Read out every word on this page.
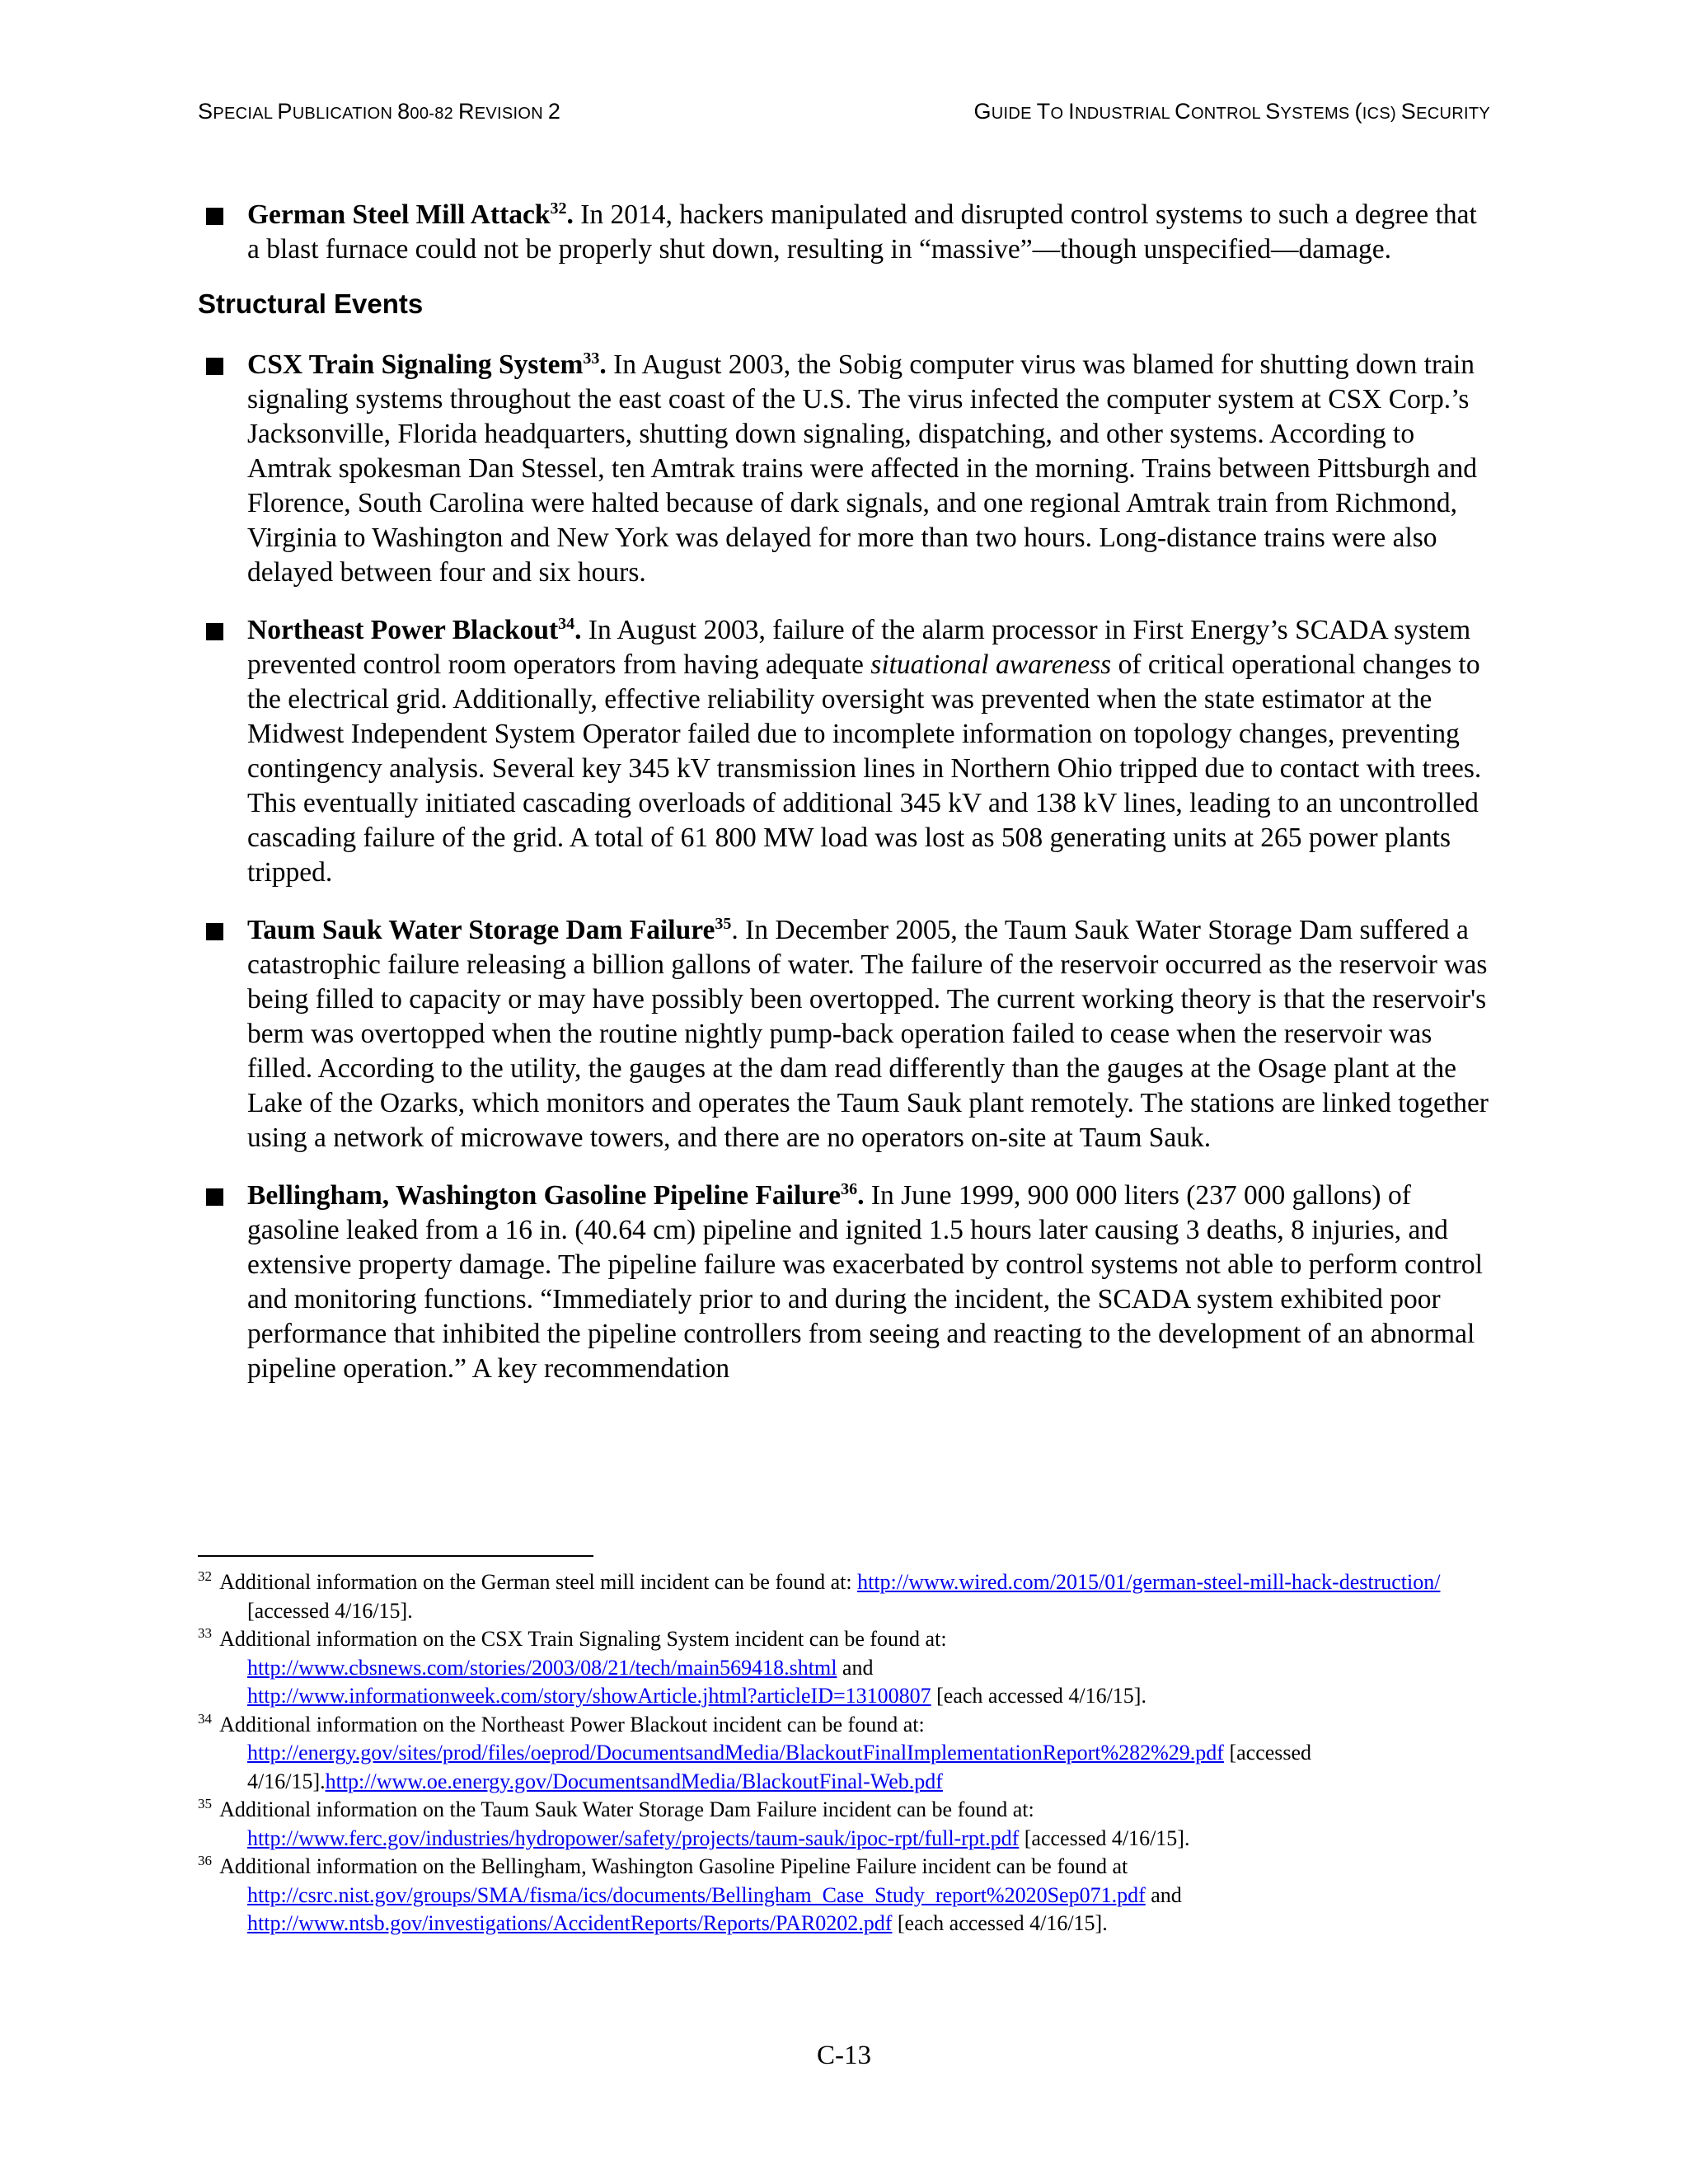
SPECIAL PUBLICATION 800-82 REVISION 2	GUIDE TO INDUSTRIAL CONTROL SYSTEMS (ICS) SECURITY
German Steel Mill Attack$^{32}$. In 2014, hackers manipulated and disrupted control systems to such a degree that a blast furnace could not be properly shut down, resulting in “massive”—though unspecified—damage.
Structural Events
CSX Train Signaling System$^{33}$. In August 2003, the Sobig computer virus was blamed for shutting down train signaling systems throughout the east coast of the U.S. The virus infected the computer system at CSX Corp.’s Jacksonville, Florida headquarters, shutting down signaling, dispatching, and other systems. According to Amtrak spokesman Dan Stessel, ten Amtrak trains were affected in the morning. Trains between Pittsburgh and Florence, South Carolina were halted because of dark signals, and one regional Amtrak train from Richmond, Virginia to Washington and New York was delayed for more than two hours. Long-distance trains were also delayed between four and six hours.
Northeast Power Blackout$^{34}$. In August 2003, failure of the alarm processor in First Energy’s SCADA system prevented control room operators from having adequate situational awareness of critical operational changes to the electrical grid. Additionally, effective reliability oversight was prevented when the state estimator at the Midwest Independent System Operator failed due to incomplete information on topology changes, preventing contingency analysis. Several key 345 kV transmission lines in Northern Ohio tripped due to contact with trees. This eventually initiated cascading overloads of additional 345 kV and 138 kV lines, leading to an uncontrolled cascading failure of the grid. A total of 61 800 MW load was lost as 508 generating units at 265 power plants tripped.
Taum Sauk Water Storage Dam Failure$^{35}$. In December 2005, the Taum Sauk Water Storage Dam suffered a catastrophic failure releasing a billion gallons of water. The failure of the reservoir occurred as the reservoir was being filled to capacity or may have possibly been overtopped. The current working theory is that the reservoir's berm was overtopped when the routine nightly pump-back operation failed to cease when the reservoir was filled. According to the utility, the gauges at the dam read differently than the gauges at the Osage plant at the Lake of the Ozarks, which monitors and operates the Taum Sauk plant remotely. The stations are linked together using a network of microwave towers, and there are no operators on-site at Taum Sauk.
Bellingham, Washington Gasoline Pipeline Failure$^{36}$. In June 1999, 900 000 liters (237 000 gallons) of gasoline leaked from a 16 in. (40.64 cm) pipeline and ignited 1.5 hours later causing 3 deaths, 8 injuries, and extensive property damage. The pipeline failure was exacerbated by control systems not able to perform control and monitoring functions. “Immediately prior to and during the incident, the SCADA system exhibited poor performance that inhibited the pipeline controllers from seeing and reacting to the development of an abnormal pipeline operation.” A key recommendation
$^{32}$ Additional information on the German steel mill incident can be found at: http://www.wired.com/2015/01/german-steel-mill-hack-destruction/ [accessed 4/16/15].
$^{33}$ Additional information on the CSX Train Signaling System incident can be found at:
http://www.cbsnews.com/stories/2003/08/21/tech/main569418.shtml and
http://www.informationweek.com/story/showArticle.jhtml?articleID=13100807 [each accessed 4/16/15].
$^{34}$ Additional information on the Northeast Power Blackout incident can be found at:
http://energy.gov/sites/prod/files/oeprod/DocumentsandMedia/BlackoutFinalImplementationReport%282%29.pdf [accessed 4/16/15].http://www.oe.energy.gov/DocumentsandMedia/BlackoutFinal-Web.pdf
$^{35}$ Additional information on the Taum Sauk Water Storage Dam Failure incident can be found at:
http://www.ferc.gov/industries/hydropower/safety/projects/taum-sauk/ipoc-rpt/full-rpt.pdf [accessed 4/16/15].
$^{36}$ Additional information on the Bellingham, Washington Gasoline Pipeline Failure incident can be found at
http://csrc.nist.gov/groups/SMA/fisma/ics/documents/Bellingham_Case_Study_report%2020Sep071.pdf and
http://www.ntsb.gov/investigations/AccidentReports/Reports/PAR0202.pdf [each accessed 4/16/15].
C-13
